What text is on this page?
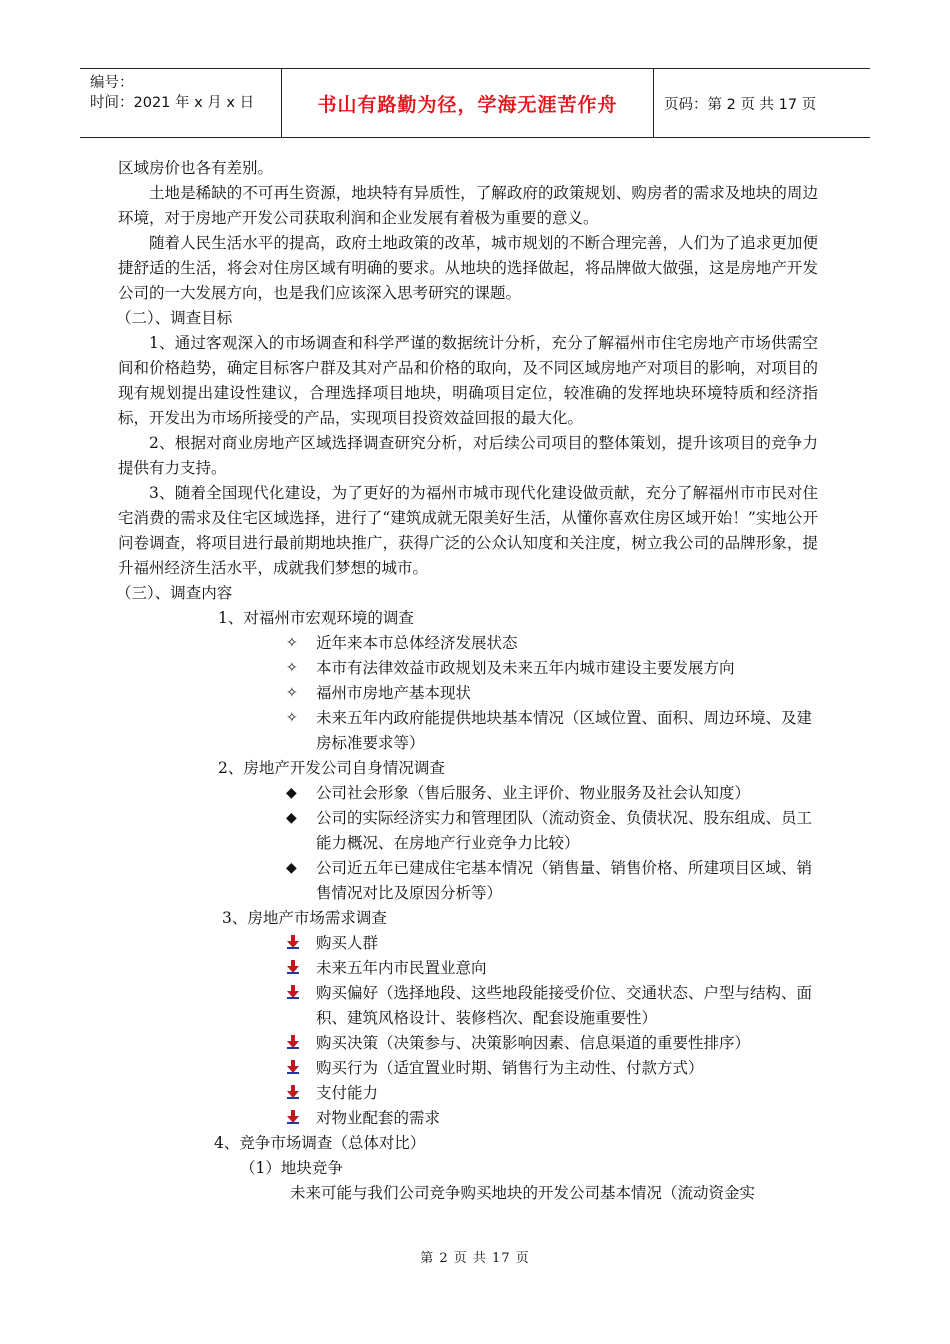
编号：
时间：2021 年 x 月 x 日	书山有路勤为径，学海无涯苦作舟	页码：第 2 页 共 17 页

区域房价也各有差别。

土地是稀缺的不可再生资源，地块特有异质性，了解政府的政策规划、购房者的需求及地块的周边环境，对于房地产开发公司获取利润和企业发展有着极为重要的意义。

随着人民生活水平的提高，政府土地政策的改革，城市规划的不断合理完善，人们为了追求更加便捷舒适的生活，将会对住房区域有明确的要求。从地块的选择做起，将品牌做大做强，这是房地产开发公司的一大发展方向，也是我们应该深入思考研究的课题。

（二）、调查目标

1、通过客观深入的市场调查和科学严谨的数据统计分析，充分了解福州市住宅房地产市场供需空间和价格趋势，确定目标客户群及其对产品和价格的取向，及不同区域房地产对项目的影响，对项目的现有规划提出建设性建议，合理选择项目地块，明确项目定位，较准确的发挥地块环境特质和经济指标，开发出为市场所接受的产品，实现项目投资效益回报的最大化。

2、根据对商业房地产区域选择调查研究分析，对后续公司项目的整体策划，提升该项目的竞争力提供有力支持。

3、随着全国现代化建设，为了更好的为福州市城市现代化建设做贡献，充分了解福州市市民对住宅消费的需求及住宅区域选择，进行了“建筑成就无限美好生活，从懂你喜欢住房区域开始！”实地公开问卷调查，将项目进行最前期地块推广，获得广泛的公众认知度和关注度，树立我公司的品牌形象，提升福州经济生活水平，成就我们梦想的城市。

（三）、调查内容

1、对福州市宏观环境的调查

✧	近年来本市总体经济发展状态
✧	本市有法律效益市政规划及未来五年内城市建设主要发展方向
✧	福州市房地产基本现状
✧	未来五年内政府能提供地块基本情况（区域位置、面积、周边环境、及建房标准要求等）

2、房地产开发公司自身情况调查

◆	公司社会形象（售后服务、业主评价、物业服务及社会认知度）
◆	公司的实际经济实力和管理团队（流动资金、负债状况、股东组成、员工能力概况、在房地产行业竞争力比较）
◆	公司近五年已建成住宅基本情况（销售量、销售价格、所建项目区域、销售情况对比及原因分析等）

3、房地产市场需求调查

购买人群
未来五年内市民置业意向
购买偏好（选择地段、这些地段能接受价位、交通状态、户型与结构、面积、建筑风格设计、装修档次、配套设施重要性）
购买决策（决策参与、决策影响因素、信息渠道的重要性排序）
购买行为（适宜置业时期、销售行为主动性、付款方式）
支付能力
对物业配套的需求

4、竞争市场调查（总体对比）

（1）地块竞争

未来可能与我们公司竞争购买地块的开发公司基本情况（流动资金实

第 2 页 共 17 页
